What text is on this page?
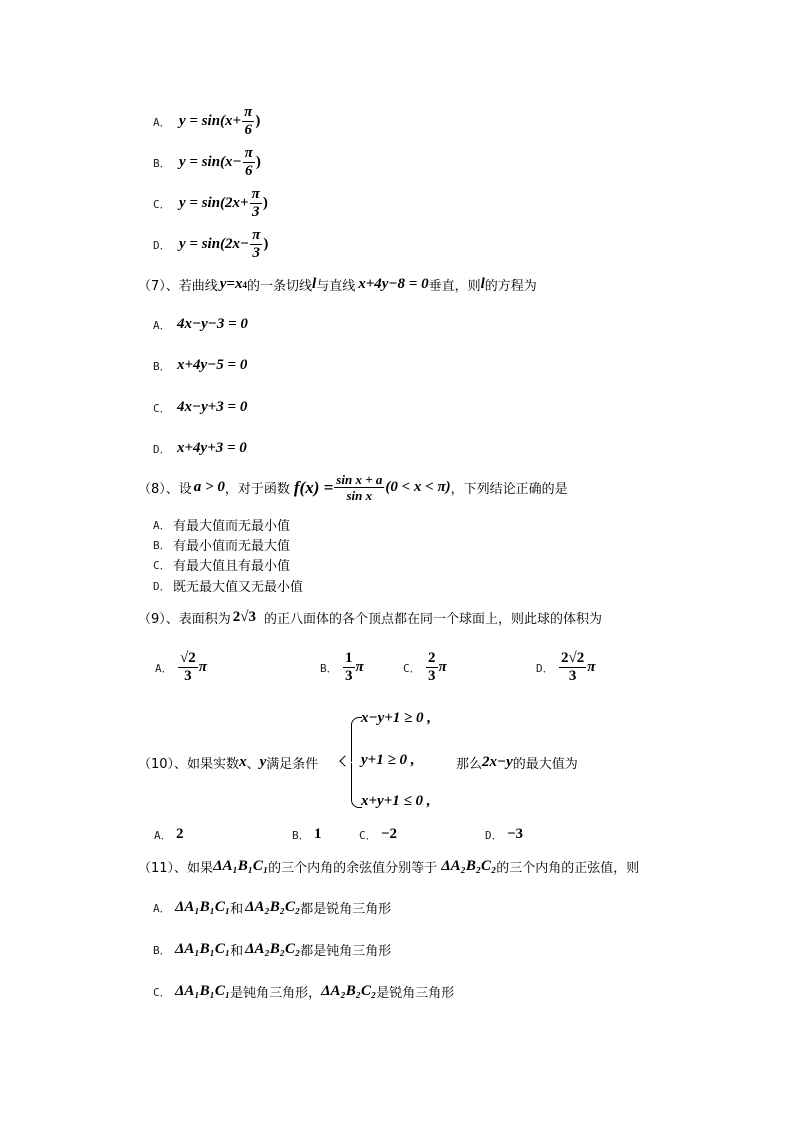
A． $y = \sin(x+ \frac{\pi}{6}$ )
B． $y = \sin(x- \frac{\pi}{6}$ )
C． $y = \sin(2x+ \frac{\pi}{3}$ )
D． $y = \sin(2x- \frac{\pi}{3}$ )
（7）、 若曲线 y = x 4 的一条切线 l 与直线 x+4y−8 = 0 垂直，则 l 的方程为
A． 4x−y−3 = 0
B． x+4y−5 = 0
C． 4x−y+3 = 0
D． x+4y+3 = 0
（8）、 设 a > 0 ，对于函数 $f(x) = \frac{\text{sin x + a}}{\text{sin x}} (0 < x < \pi)$ ，下列结论正确的是
A． 有最大值而无最小值
B． 有最小值而无最大值
C． 有最大值且有最小值
D． 既无最大值又无最小值
（9）、 表面积为 2√3 的正八面体的各个顶点都在同一个球面上，则此球的体积为
A． $\frac{√2}{3}$ π	B． $\frac{1}{3}$ π	C． $\frac{2}{3}$ π	D． $\frac{2√2}{3}$ π
（10）、 如果实数 x 、 y 满足条件
x−y+1 ≥ 0 ,
y+1 ≥ 0 ,
x+y+1 ≤ 0 ,
那么 2x−y 的最大值为
A． 2	B． 1	C． −2	D． −3
（11）、 如果 ΔA₁B₁C₁ 的三个内角的余弦值分别等于 ΔA₂B₂C₂ 的三个内角的正弦值，则
A． ΔA₁B₁C₁ 和 ΔA₂B₂C₂ 都是锐角三角形
B． ΔA₁B₁C₁ 和 ΔA₂B₂C₂ 都是钝角三角形
C． ΔA₁B₁C₁ 是钝角三角形， ΔA₂B₂C₂ 是锐角三角形
